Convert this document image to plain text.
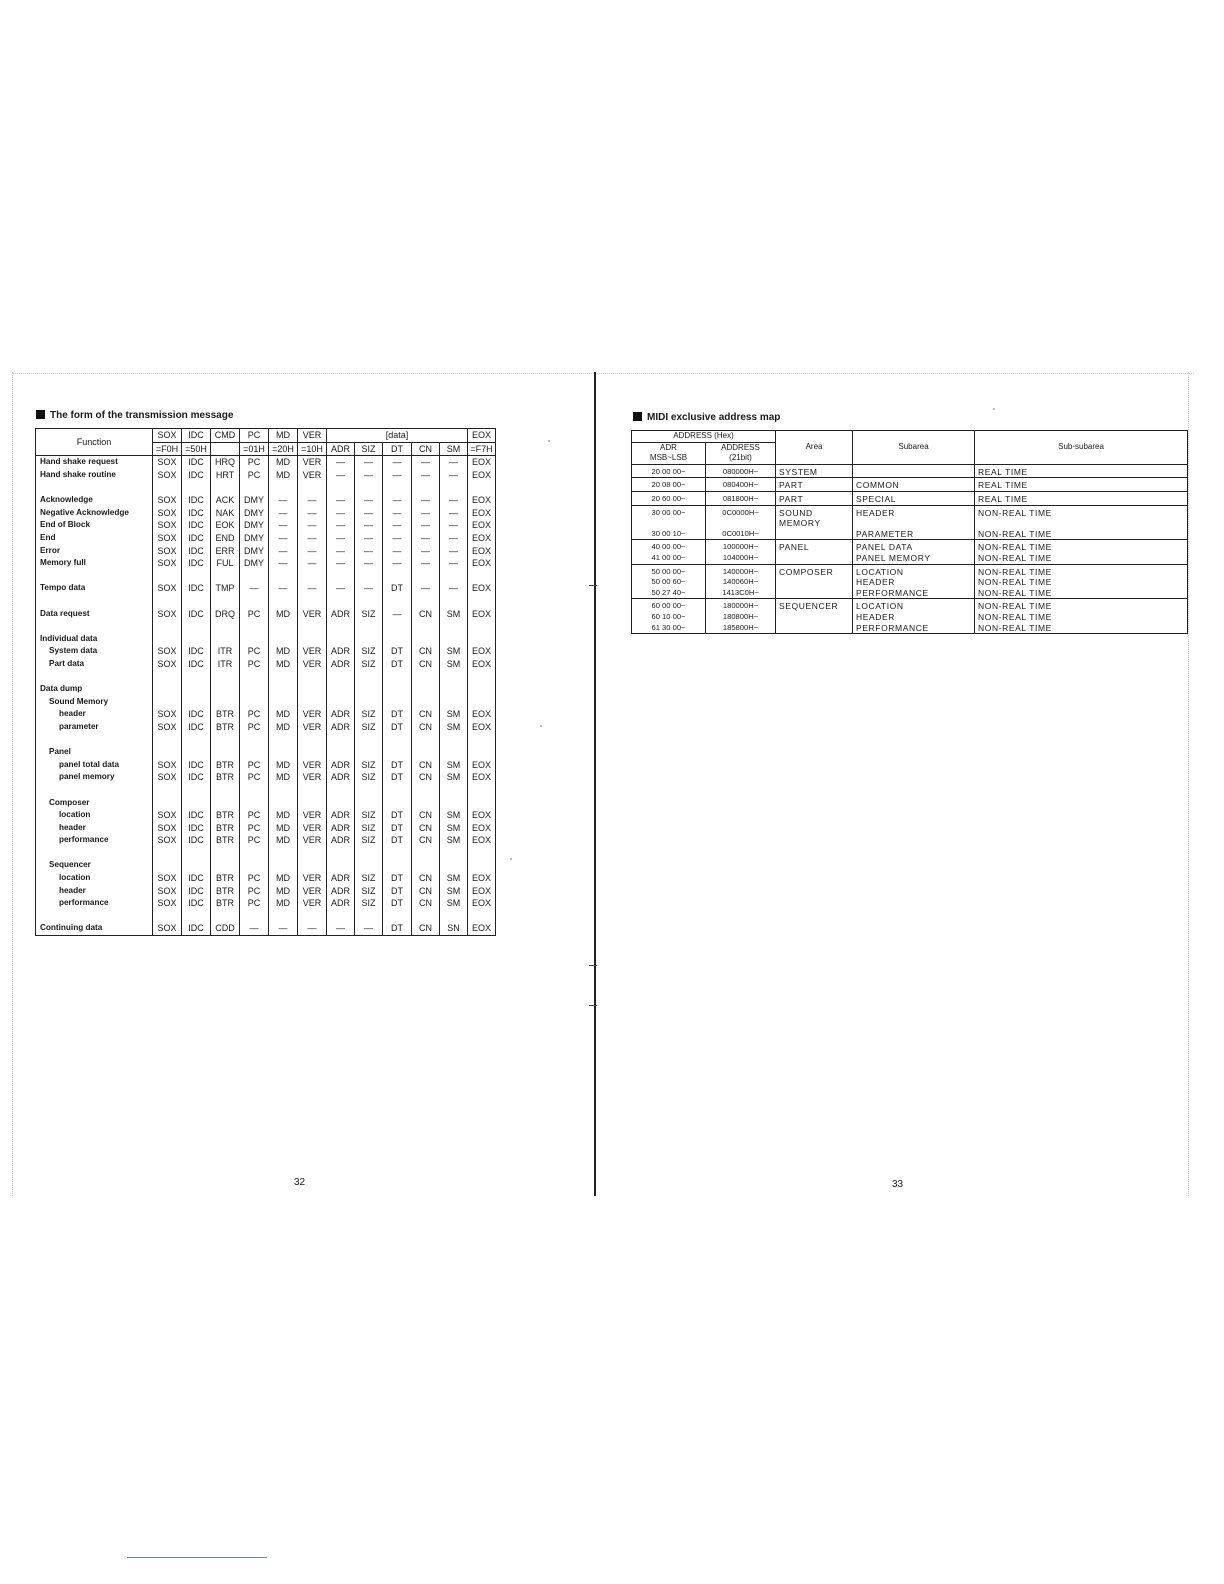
The form of the transmission message
Function	SOX	IDC	CMD	PC	MD	VER	[data]					EOX
	=F0H	=50H		=01H	=20H	=10H	ADR	SIZ	DT	CN	SM	=F7H
Hand shake request	SOX	IDC	HRQ	PC	MD	VER	—	—	—	—	—	EOX
Hand shake routine	SOX	IDC	HRT	PC	MD	VER	—	—	—	—	—	EOX

Acknowledge	SOX	IDC	ACK	DMY	—	—	—	—	—	—	—	EOX
Negative Acknowledge	SOX	IDC	NAK	DMY	—	—	—	—	—	—	—	EOX
End of Block	SOX	IDC	EOK	DMY	—	—	—	—	—	—	—	EOX
End	SOX	IDC	END	DMY	—	—	—	—	—	—	—	EOX
Error	SOX	IDC	ERR	DMY	—	—	—	—	—	—	—	EOX
Memory full	SOX	IDC	FUL	DMY	—	—	—	—	—	—	—	EOX

Tempo data	SOX	IDC	TMP	—	—	—	—	—	DT	—	—	EOX

Data request	SOX	IDC	DRQ	PC	MD	VER	ADR	SIZ	—	CN	SM	EOX

Individual data												
System data	SOX	IDC	ITR	PC	MD	VER	ADR	SIZ	DT	CN	SM	EOX
Part data	SOX	IDC	ITR	PC	MD	VER	ADR	SIZ	DT	CN	SM	EOX

Data dump												
Sound Memory												
header	SOX	IDC	BTR	PC	MD	VER	ADR	SIZ	DT	CN	SM	EOX
parameter	SOX	IDC	BTR	PC	MD	VER	ADR	SIZ	DT	CN	SM	EOX

Panel												
panel total data	SOX	IDC	BTR	PC	MD	VER	ADR	SIZ	DT	CN	SM	EOX
panel memory	SOX	IDC	BTR	PC	MD	VER	ADR	SIZ	DT	CN	SM	EOX

Composer												
location	SOX	IDC	BTR	PC	MD	VER	ADR	SIZ	DT	CN	SM	EOX
header	SOX	IDC	BTR	PC	MD	VER	ADR	SIZ	DT	CN	SM	EOX
performance	SOX	IDC	BTR	PC	MD	VER	ADR	SIZ	DT	CN	SM	EOX

Sequencer												
location	SOX	IDC	BTR	PC	MD	VER	ADR	SIZ	DT	CN	SM	EOX
header	SOX	IDC	BTR	PC	MD	VER	ADR	SIZ	DT	CN	SM	EOX
performance	SOX	IDC	BTR	PC	MD	VER	ADR	SIZ	DT	CN	SM	EOX

Continuing data	SOX	IDC	CDD	—	—	—	—	—	DT	CN	SN	EOX
32
MIDI exclusive address map
ADDRESS (Hex)		Area	Subarea	Sub-subarea
ADR
MSB~LSB	ADDRESS
(21bit)			
20 00 00~	080000H~	SYSTEM		REAL TIME
20 08 00~	080400H~	PART	COMMON	REAL TIME
20 60 00~	081800H~	PART	SPECIAL	REAL TIME
30 00 00~	0C0000H~	SOUND	HEADER	NON-REAL TIME
		MEMORY		
30 00 10~	0C0010H~		PARAMETER	NON-REAL TIME

40 00 00~	100000H~	PANEL	PANEL DATA	NON-REAL TIME
41 00 00~	104000H~		PANEL MEMORY	NON-REAL TIME
50 00 00~	140000H~	COMPOSER	LOCATION	NON-REAL TIME
50 00 60~	140060H~		HEADER	NON-REAL TIME
50 27 40~	1413C0H~		PERFORMANCE	NON-REAL TIME
60 00 00~	180000H~	SEQUENCER	LOCATION	NON-REAL TIME
60 10 00~	180800H~		HEADER	NON-REAL TIME
61 30 00~	185800H~		PERFORMANCE	NON-REAL TIME
33
